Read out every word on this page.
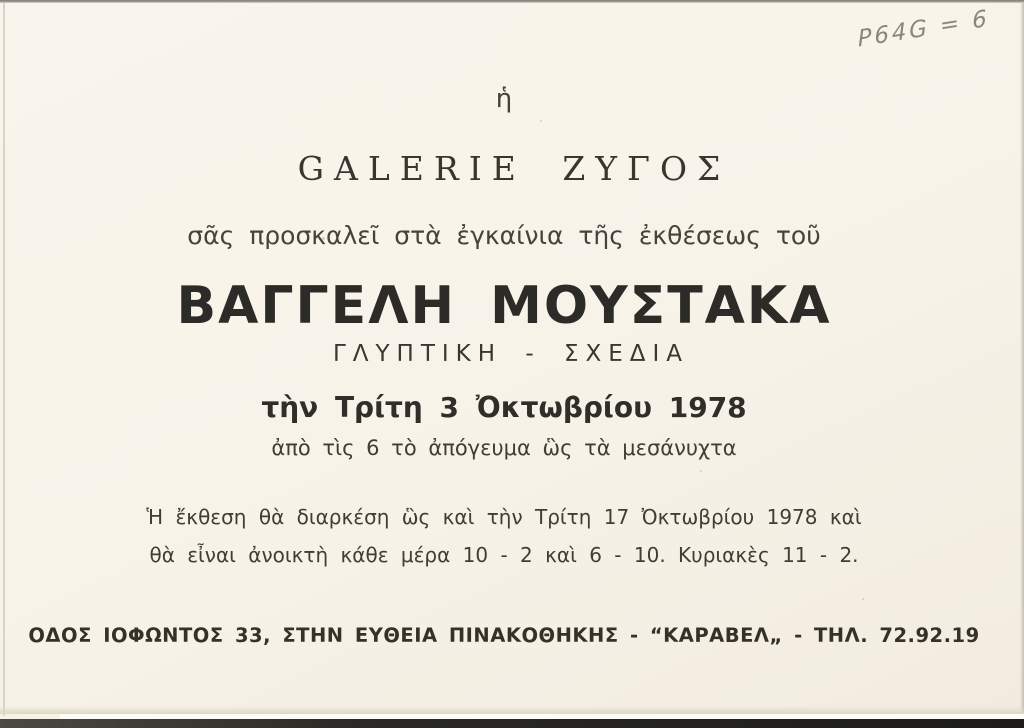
P64G = 6
ἡ
GALERIE ΖΥΓΟΣ
σᾶς προσκαλεῖ στὰ ἐγκαίνια τῆς ἐκθέσεως τοῦ
ΒΑΓΓΕΛΗ ΜΟΥΣΤΑΚΑ
ΓΛΥΠΤΙΚΗ - ΣΧΕΔΙΑ
τὴν Τρίτη 3 Ὀκτωβρίου 1978
ἀπὸ τὶς 6 τὸ ἀπόγευμα ὣς τὰ μεσάνυχτα
Ἡ ἔκθεση θὰ διαρκέση ὣς καὶ τὴν Τρίτη 17 Ὀκτωβρίου 1978 καὶ
θὰ εἶναι ἀνοικτὴ κάθε μέρα 10 - 2 καὶ 6 - 10. Κυριακὲς 11 - 2.
ΟΔΟΣ ΙΟΦΩΝΤΟΣ 33, ΣΤΗΝ ΕΥΘΕΙΑ ΠΙΝΑΚΟΘΗΚΗΣ - “ΚΑΡΑΒΕΛ„ - ΤΗΛ. 72.92.19
